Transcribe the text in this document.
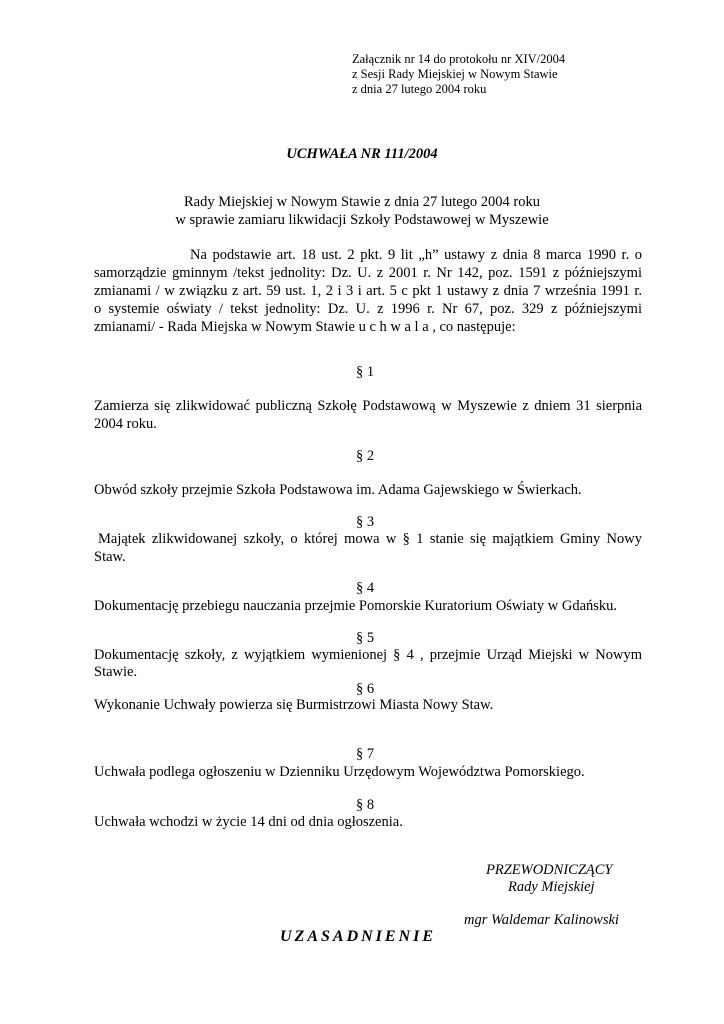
Załącznik nr 14 do protokołu nr XIV/2004
z Sesji Rady Miejskiej w Nowym Stawie
z dnia 27 lutego 2004 roku
UCHWAŁA NR 111/2004
Rady Miejskiej w Nowym Stawie z dnia 27 lutego 2004 roku
w sprawie zamiaru likwidacji Szkoły Podstawowej w Myszewie
Na podstawie art. 18 ust. 2 pkt. 9 lit „h” ustawy z dnia 8 marca 1990 r. o
samorządzie gminnym /tekst jednolity: Dz. U. z 2001 r. Nr 142, poz. 1591 z późniejszymi
zmianami / w związku z art. 59 ust. 1, 2 i 3 i art. 5 c pkt 1 ustawy z dnia 7 września 1991 r.
o systemie oświaty / tekst jednolity: Dz. U. z 1996 r. Nr 67, poz. 329 z późniejszymi
zmianami/ - Rada Miejska w Nowym Stawie u c h w a l a , co następuje:
§ 1
Zamierza się zlikwidować publiczną Szkołę Podstawową w Myszewie z dniem 31 sierpnia
2004 roku.
§ 2
Obwód szkoły przejmie Szkoła Podstawowa im. Adama Gajewskiego w Świerkach.
§ 3
Majątek zlikwidowanej szkoły, o której mowa w § 1 stanie się majątkiem Gminy Nowy
Staw.
§ 4
Dokumentację przebiegu nauczania przejmie Pomorskie Kuratorium Oświaty w Gdańsku.
§ 5
Dokumentację szkoły, z wyjątkiem wymienionej § 4 , przejmie Urząd Miejski w Nowym
Stawie.
§ 6
Wykonanie Uchwały powierza się Burmistrzowi Miasta Nowy Staw.
§ 7
Uchwała podlega ogłoszeniu w Dzienniku Urzędowym Województwa Pomorskiego.
§ 8
Uchwała wchodzi w życie 14 dni od dnia ogłoszenia.
PRZEWODNICZĄCY
Rady Miejskiej
mgr Waldemar Kalinowski
UZASADNIENIE
